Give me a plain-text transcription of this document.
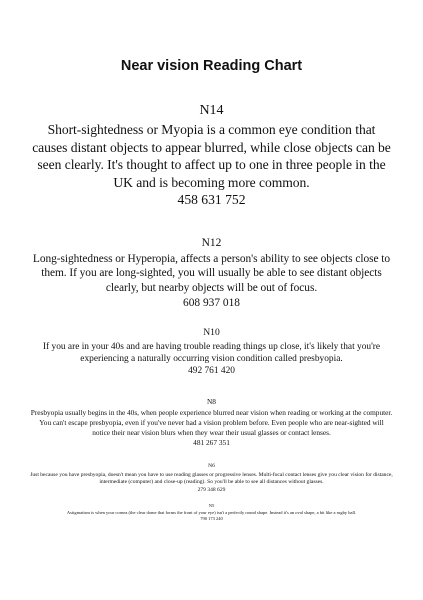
Near vision Reading Chart
N14
Short-sightedness or Myopia is a common eye condition that causes distant objects to appear blurred, while close objects can be seen clearly. It's thought to affect up to one in three people in the UK and is becoming more common.
458 631 752
N12
Long-sightedness or Hyperopia, affects a person's ability to see objects close to them. If you are long-sighted, you will usually be able to see distant objects clearly, but nearby objects will be out of focus.
608 937 018
N10
If you are in your 40s and are having trouble reading things up close, it's likely that you're experiencing a naturally occurring vision condition called presbyopia.
492 761 420
N8
Presbyopia usually begins in the 40s, when people experience blurred near vision when reading or working at the computer. You can't escape presbyopia, even if you've never had a vision problem before. Even people who are near-sighted will notice their near vision blurs when they wear their usual glasses or contact lenses.
481 267 351
N6
Just because you have presbyopia, doesn't mean you have to use reading glasses or progressive lenses. Multi-focal contact lenses give you clear vision for distance, intermediate (computer) and close-up (reading). So you'll be able to see all distances without glasses.
279 348 629
N5
Astigmatism is when your cornea (the clear dome that forms the front of your eye) isn't a perfectly round shape. Instead it's an oval shape, a bit like a rugby ball.
790 173 240
